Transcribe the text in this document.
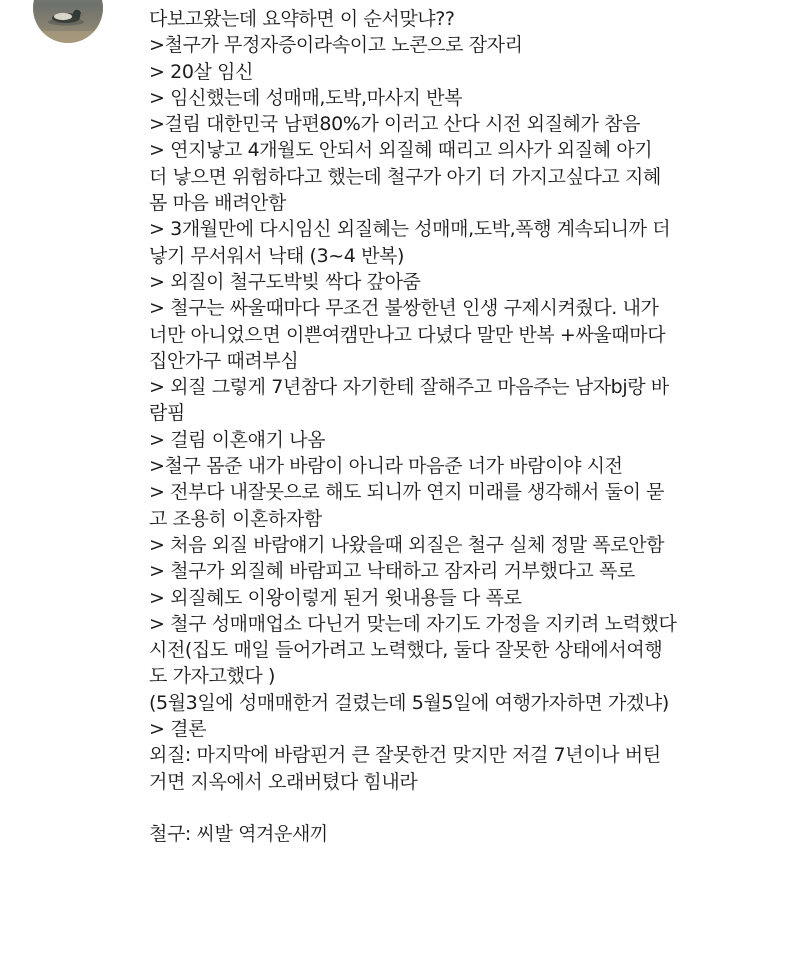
다보고왔는데 요약하면 이 순서맞냐??
>철구가 무정자증이라속이고 노콘으로 잠자리
> 20살 임신
> 임신했는데 성매매,도박,마사지 반복
>걸림 대한민국 남편80%가 이러고 산다 시전 외질혜가 참음
> 연지낳고 4개월도 안되서 외질혜 때리고 의사가 외질혜 아기
더 낳으면 위험하다고 했는데 철구가 아기 더 가지고싶다고 지혜
몸 마음 배려안함
> 3개월만에 다시임신 외질혜는 성매매,도박,폭행 계속되니까 더
낳기 무서워서 낙태 (3~4 반복)
> 외질이 철구도박빚 싹다 갚아줌
> 철구는 싸울때마다 무조건 불쌍한년 인생 구제시켜줬다. 내가
너만 아니었으면 이쁜여캠만나고 다녔다 말만 반복 +싸울때마다
집안가구 때려부심
> 외질 그렇게 7년참다 자기한테 잘해주고 마음주는 남자bj랑 바
람핌
> 걸림 이혼얘기 나옴
>철구 몸준 내가 바람이 아니라 마음준 너가 바람이야 시전
> 전부다 내잘못으로 해도 되니까 연지 미래를 생각해서 둘이 묻
고 조용히 이혼하자함
> 처음 외질 바람얘기 나왔을때 외질은 철구 실체 정말 폭로안함
> 철구가 외질혜 바람피고 낙태하고 잠자리 거부했다고 폭로
> 외질혜도 이왕이렇게 된거 윗내용들 다 폭로
> 철구 성매매업소 다닌거 맞는데 자기도 가정을 지키려 노력했다
시전(집도 매일 들어가려고 노력했다, 둘다 잘못한 상태에서여행
도 가자고했다 )
(5월3일에 성매매한거 걸렸는데 5월5일에 여행가자하면 가겠냐)
> 결론
외질: 마지막에 바람핀거 큰 잘못한건 맞지만 저걸 7년이나 버틴
거면 지옥에서 오래버텼다 힘내라
철구: 씨발 역겨운새끼
